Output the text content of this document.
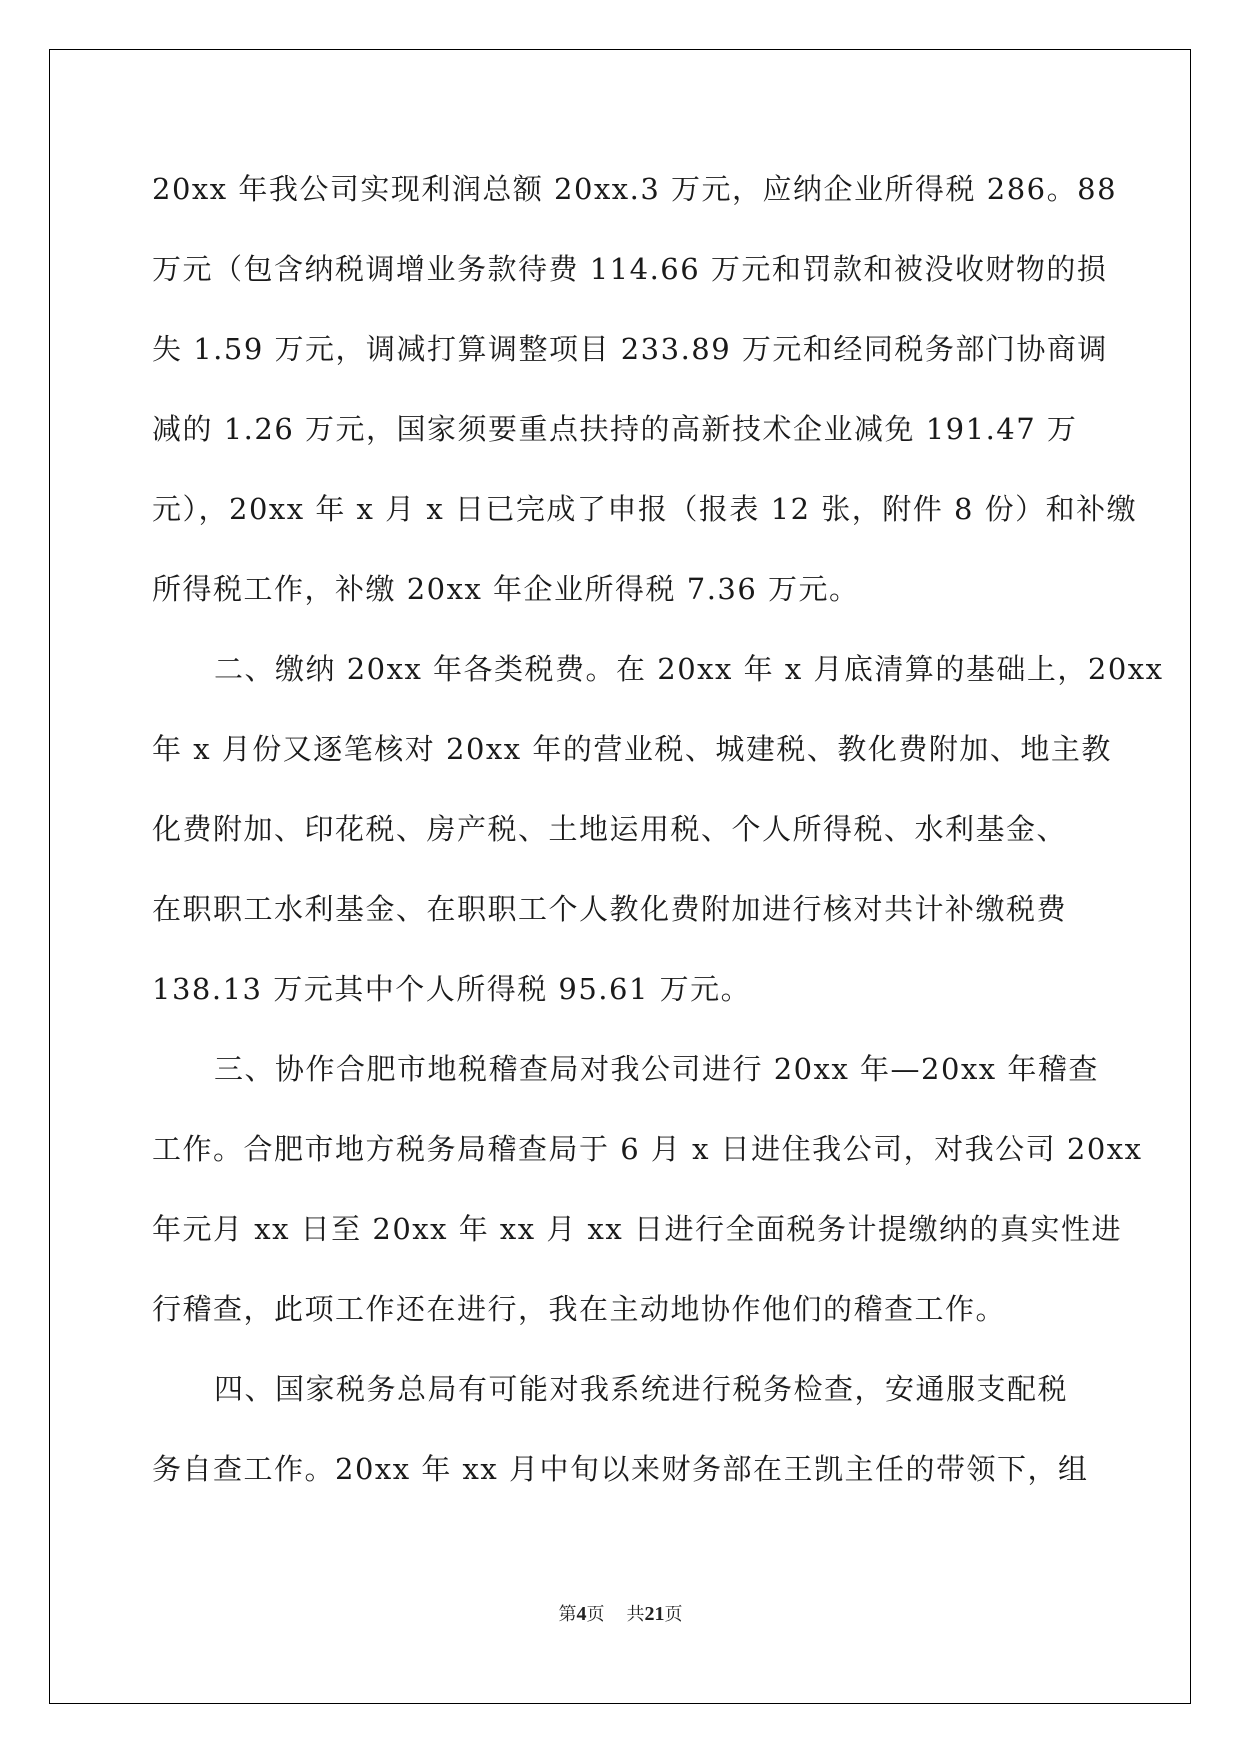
20xx 年我公司实现利润总额 20xx.3 万元，应纳企业所得税 286。88
万元（包含纳税调增业务款待费 114.66 万元和罚款和被没收财物的损
失 1.59 万元，调减打算调整项目 233.89 万元和经同税务部门协商调
减的 1.26 万元，国家须要重点扶持的高新技术企业减免 191.47 万
元），20xx 年 x 月 x 日已完成了申报（报表 12 张，附件 8 份）和补缴
所得税工作，补缴 20xx 年企业所得税 7.36 万元。
二、缴纳 20xx 年各类税费。在 20xx 年 x 月底清算的基础上，20xx
年 x 月份又逐笔核对 20xx 年的营业税、城建税、教化费附加、地主教
化费附加、印花税、房产税、土地运用税、个人所得税、水利基金、
在职职工水利基金、在职职工个人教化费附加进行核对共计补缴税费
138.13 万元其中个人所得税 95.61 万元。
三、协作合肥市地税稽查局对我公司进行 20xx 年—20xx 年稽查
工作。合肥市地方税务局稽查局于 6 月 x 日进住我公司，对我公司 20xx
年元月 xx 日至 20xx 年 xx 月 xx 日进行全面税务计提缴纳的真实性进
行稽查，此项工作还在进行，我在主动地协作他们的稽查工作。
四、国家税务总局有可能对我系统进行税务检查，安通服支配税
务自查工作。20xx 年 xx 月中旬以来财务部在王凯主任的带领下，组
第4页 共21页
